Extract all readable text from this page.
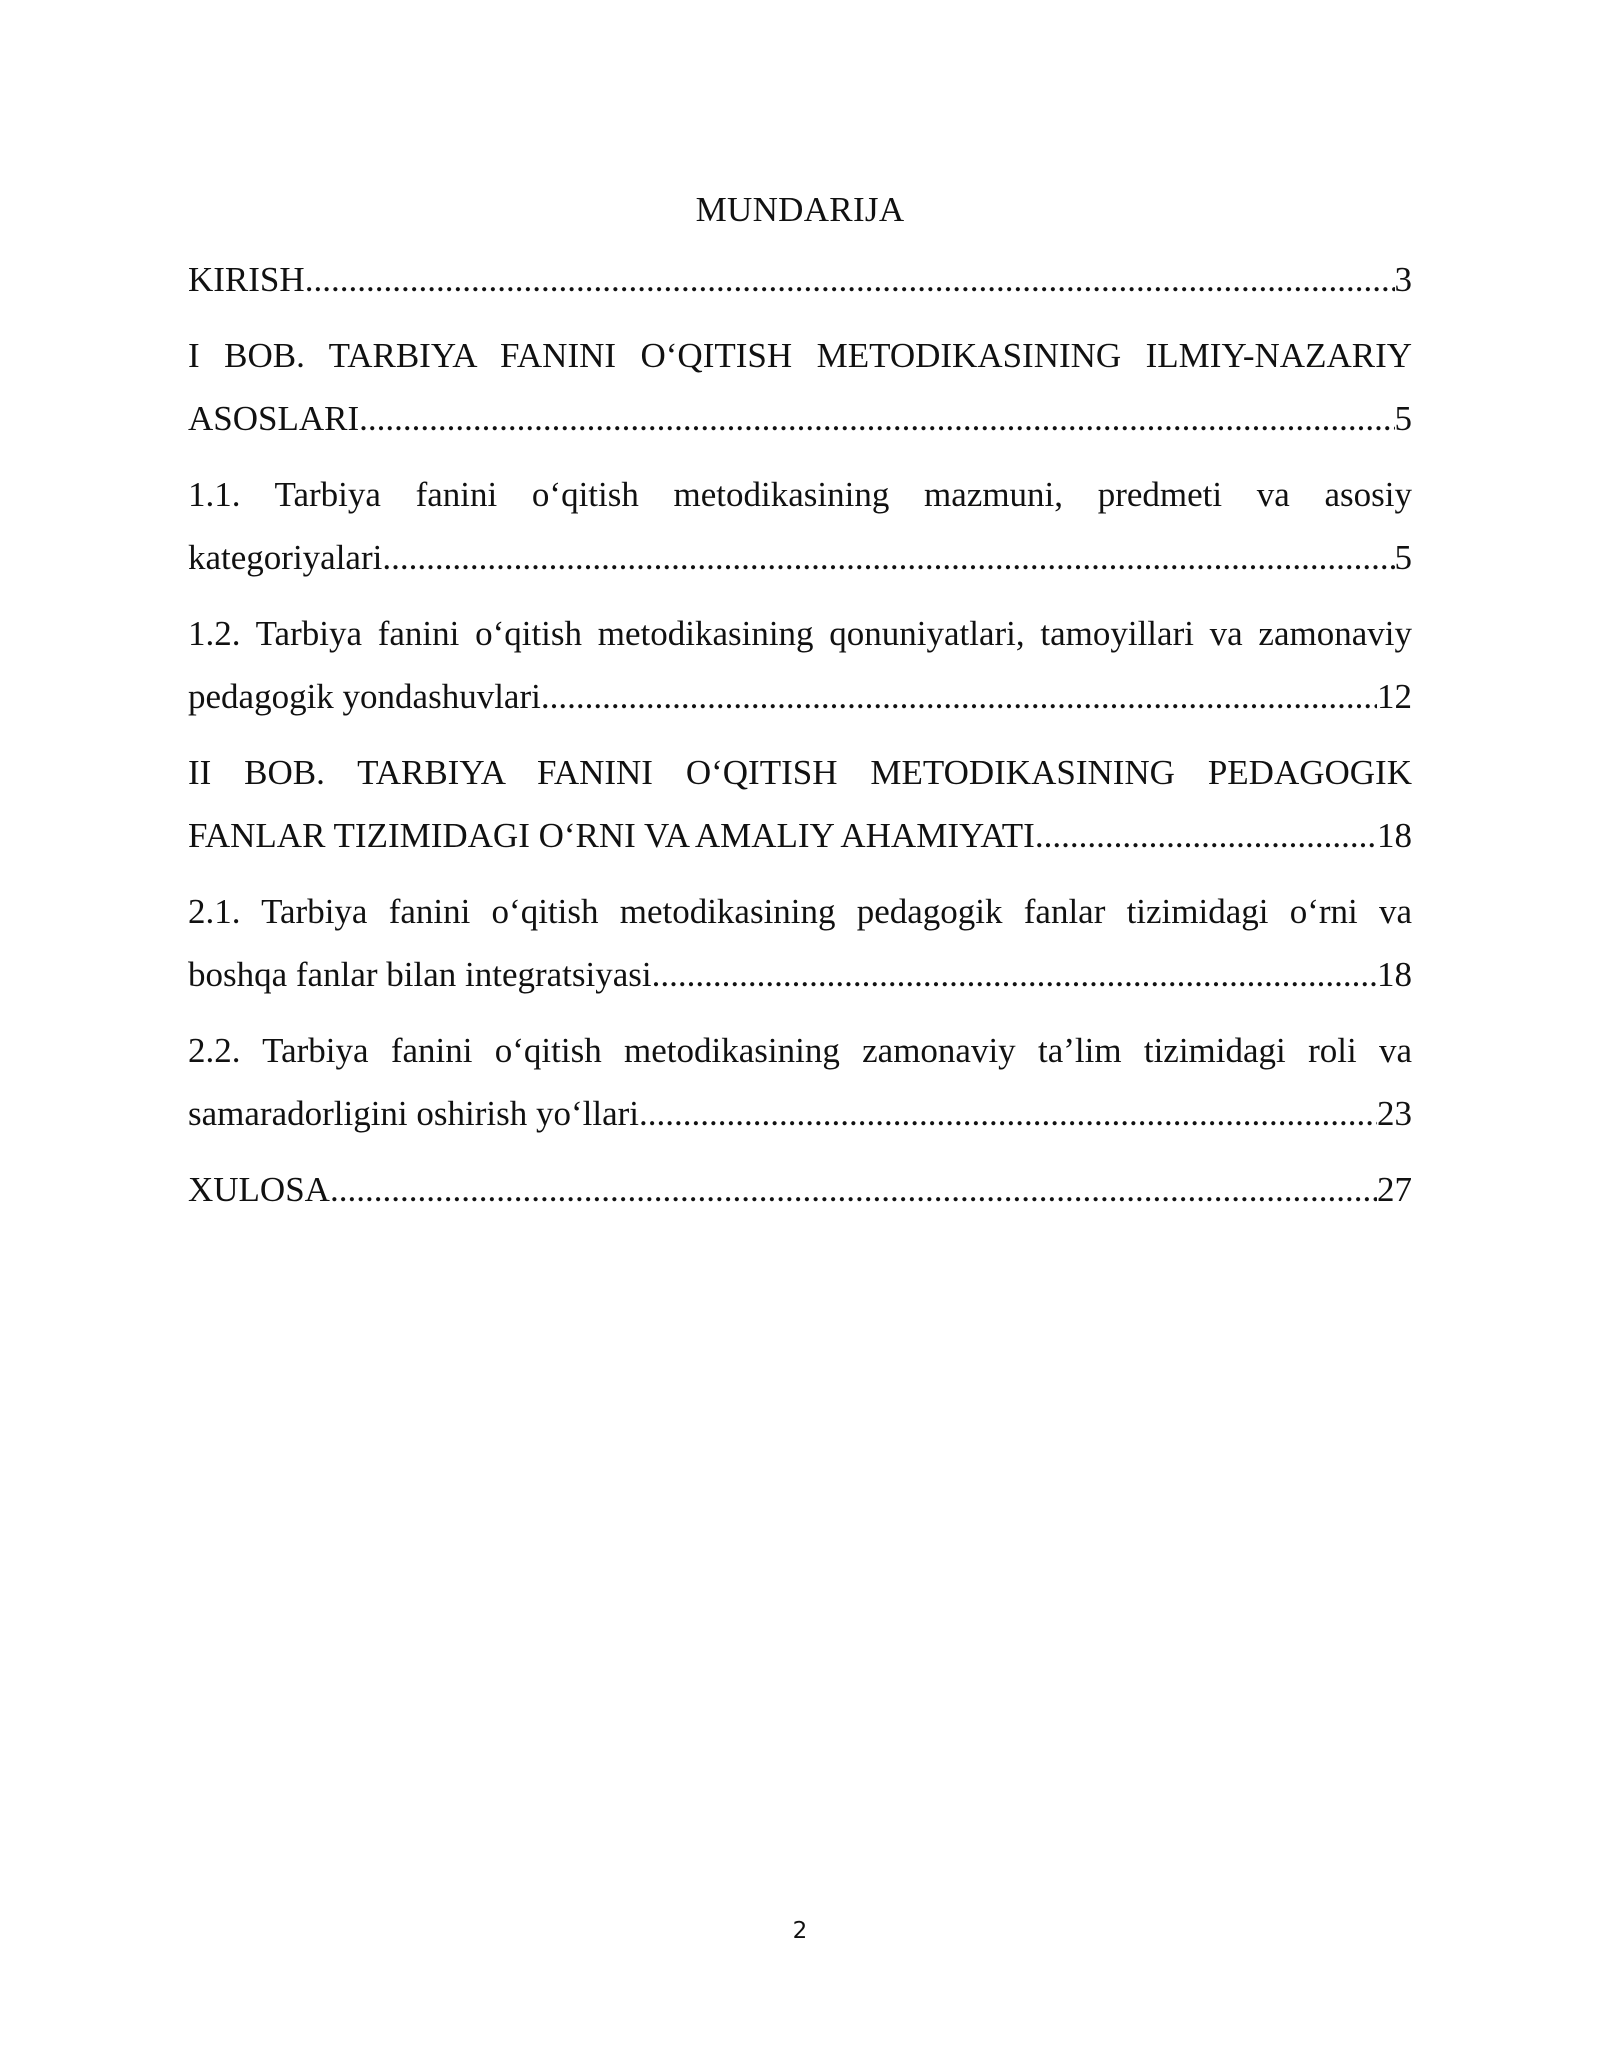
MUNDARIJA
KIRISH .....	3
I BOB. TARBIYA FANINI O‘QITISH METODIKASINING ILMIY-NAZARIY
ASOSLARI .....	5
1.1. Tarbiya fanini o‘qitish metodikasining mazmuni, predmeti va asosiy
kategoriyalari .....	5
1.2. Tarbiya fanini o‘qitish metodikasining qonuniyatlari, tamoyillari va zamonaviy
pedagogik yondashuvlari .....	12
II BOB. TARBIYA FANINI O‘QITISH METODIKASINING PEDAGOGIK
FANLAR TIZIMIDAGI O‘RNI VA AMALIY AHAMIYATI .....	18
2.1. Tarbiya fanini o‘qitish metodikasining pedagogik fanlar tizimidagi o‘rni va
boshqa fanlar bilan integratsiyasi .....	18
2.2. Tarbiya fanini o‘qitish metodikasining zamonaviy ta’lim tizimidagi roli va
samaradorligini oshirish yo‘llari .....	23
XULOSA .....	27
2
